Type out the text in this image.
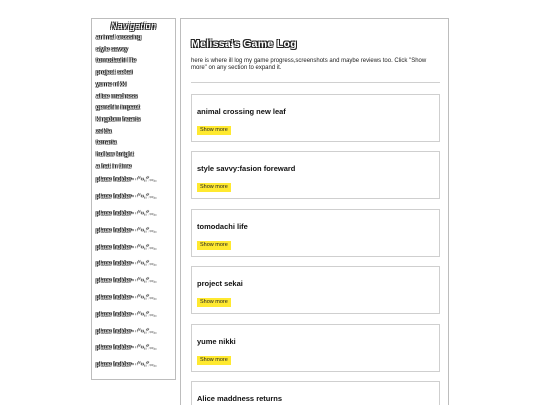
Navigation
animal crossing
style savvy
tomodachi life
project sekai
yume nikki
alice madness
genshin impact
kingdom hearts
zelda
terraria
hollow knight
a hat in time
place holder- ·ᐟ⋆.ᐟ𓂃
place holder- ·ᐟ⋆.ᐟ𓂃
place holder- ·ᐟ⋆.ᐟ𓂃
place holder- ·ᐟ⋆.ᐟ𓂃
place holder- ·ᐟ⋆.ᐟ𓂃
place holder- ·ᐟ⋆.ᐟ𓂃
place holder- ·ᐟ⋆.ᐟ𓂃
place holder- ·ᐟ⋆.ᐟ𓂃
place holder- ·ᐟ⋆.ᐟ𓂃
place holder- ·ᐟ⋆.ᐟ𓂃
place holder- ·ᐟ⋆.ᐟ𓂃
place holder- ·ᐟ⋆.ᐟ𓂃
Melissa's Game Log

here is where ill log my game progress,screenshots and maybe reviews too. Click "Show more" on any section to expand it.

animal crossing new leaf
Show more
style savvy:fasion foreward
Show more
tomodachi life
Show more
project sekai
Show more
yume nikki
Show more
Alice maddness returns
